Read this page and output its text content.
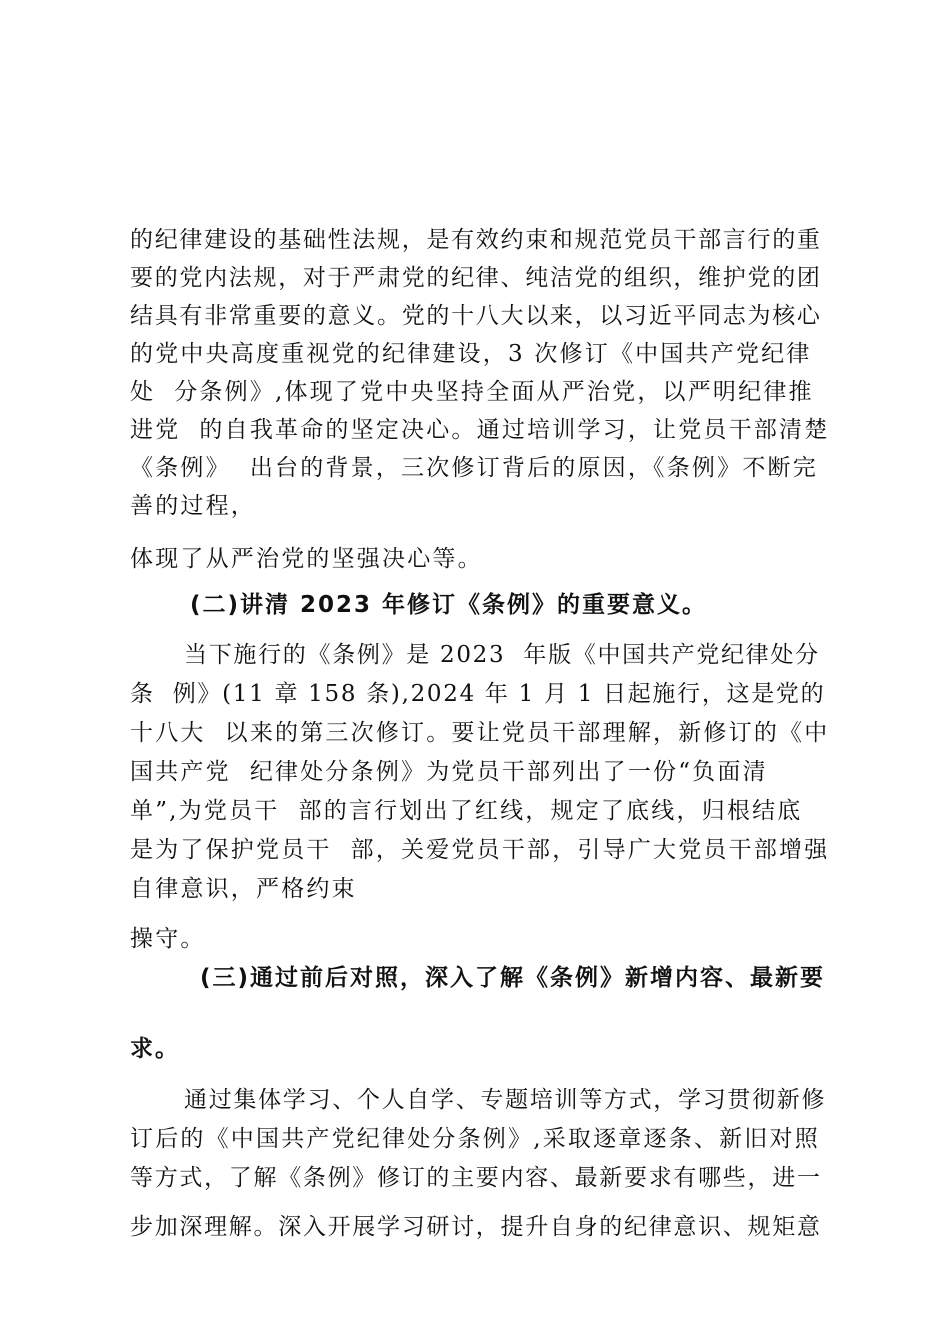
的纪律建设的基础性法规，是有效约束和规范党员干部言行的重
要的党内法规，对于严肃党的纪律、纯洁党的组织，维护党的团
结具有非常重要的意义。党的十八大以来，以习近平同志为核心
的党中央高度重视党的纪律建设，3 次修订《中国共产党纪律
处  分条例》,体现了党中央坚持全面从严治党，以严明纪律推
进党  的自我革命的坚定决心。通过培训学习，让党员干部清楚
《条例》  出台的背景，三次修订背后的原因，《条例》不断完
善的过程，
体现了从严治党的坚强决心等。
(二)讲清 2023 年修订《条例》的重要意义。
当下施行的《条例》是 2023  年版《中国共产党纪律处分
条  例》(11 章 158 条),2024 年 1 月 1 日起施行，这是党的
十八大  以来的第三次修订。要让党员干部理解，新修订的《中
国共产党  纪律处分条例》为党员干部列出了一份“负面清
单”,为党员干  部的言行划出了红线，规定了底线，归根结底
是为了保护党员干  部，关爱党员干部，引导广大党员干部增强
自律意识，严格约束
操守。
(三)通过前后对照，深入了解《条例》新增内容、最新要
求。
通过集体学习、个人自学、专题培训等方式，学习贯彻新修
订后的《中国共产党纪律处分条例》,采取逐章逐条、新旧对照
等方式，了解《条例》修订的主要内容、最新要求有哪些，进一
步加深理解。深入开展学习研讨，提升自身的纪律意识、规矩意
